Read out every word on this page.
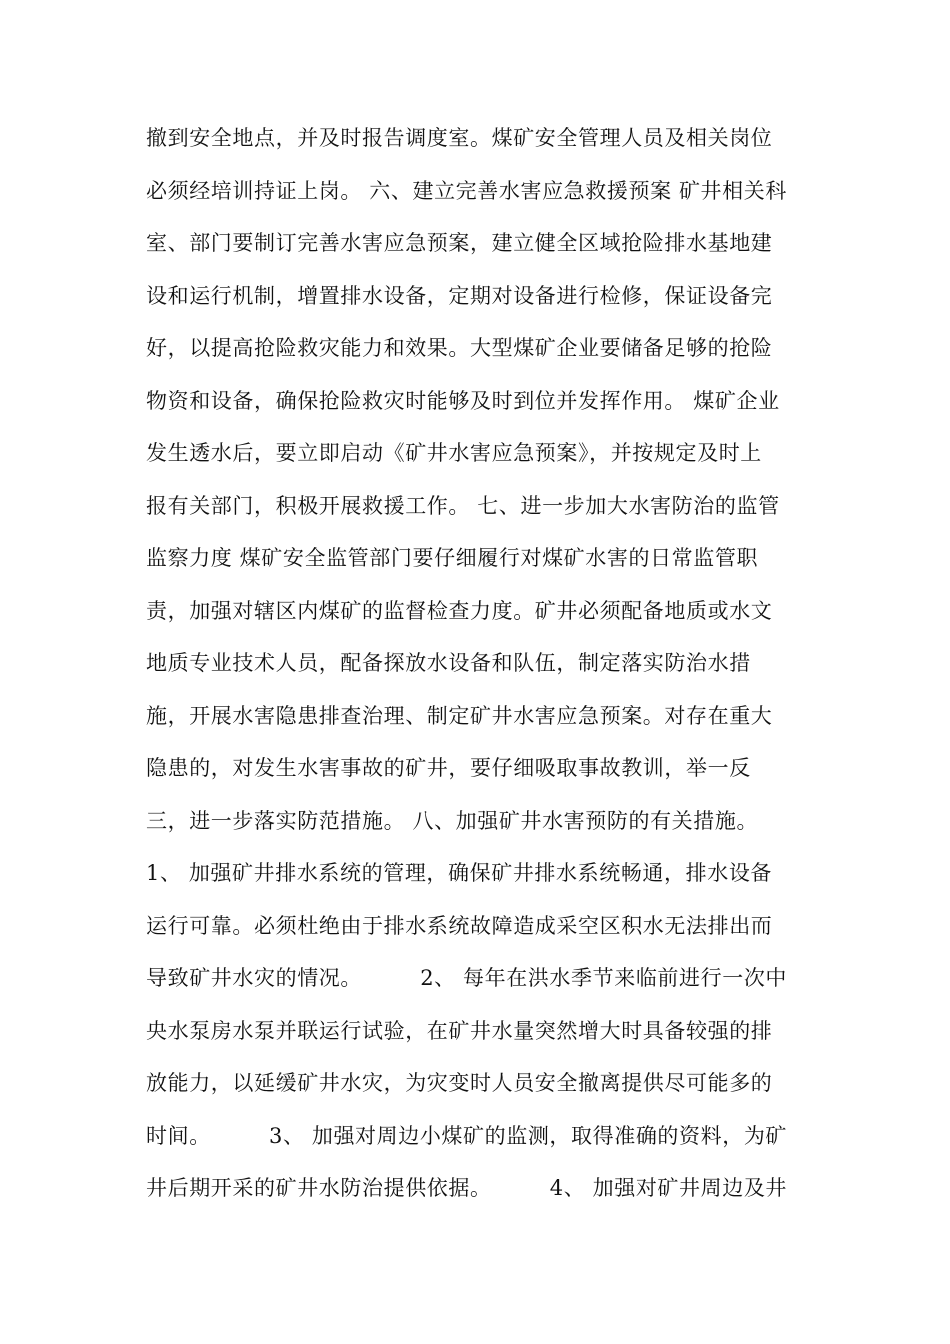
撤到安全地点，并及时报告调度室。煤矿安全管理人员及相关岗位
必须经培训持证上岗。 六、建立完善水害应急救援预案 矿井相关科
室、部门要制订完善水害应急预案，建立健全区域抢险排水基地建
设和运行机制，增置排水设备，定期对设备进行检修，保证设备完
好，以提高抢险救灾能力和效果。大型煤矿企业要储备足够的抢险
物资和设备，确保抢险救灾时能够及时到位并发挥作用。 煤矿企业
发生透水后，要立即启动《矿井水害应急预案》，并按规定及时上
报有关部门，积极开展救援工作。 七、进一步加大水害防治的监管
监察力度 煤矿安全监管部门要仔细履行对煤矿水害的日常监管职
责，加强对辖区内煤矿的监督检查力度。矿井必须配备地质或水文
地质专业技术人员，配备探放水设备和队伍，制定落实防治水措
施，开展水害隐患排查治理、制定矿井水害应急预案。对存在重大
隐患的，对发生水害事故的矿井，要仔细吸取事故教训，举一反
三，进一步落实防范措施。 八、加强矿井水害预防的有关措施。
1、 加强矿井排水系统的管理，确保矿井排水系统畅通，排水设备
运行可靠。必须杜绝由于排水系统故障造成采空区积水无法排出而
导致矿井水灾的情况。        2、 每年在洪水季节来临前进行一次中
央水泵房水泵并联运行试验，在矿井水量突然增大时具备较强的排
放能力，以延缓矿井水灾，为灾变时人员安全撤离提供尽可能多的
时间。        3、 加强对周边小煤矿的监测，取得准确的资料，为矿
井后期开采的矿井水防治提供依据。        4、 加强对矿井周边及井
